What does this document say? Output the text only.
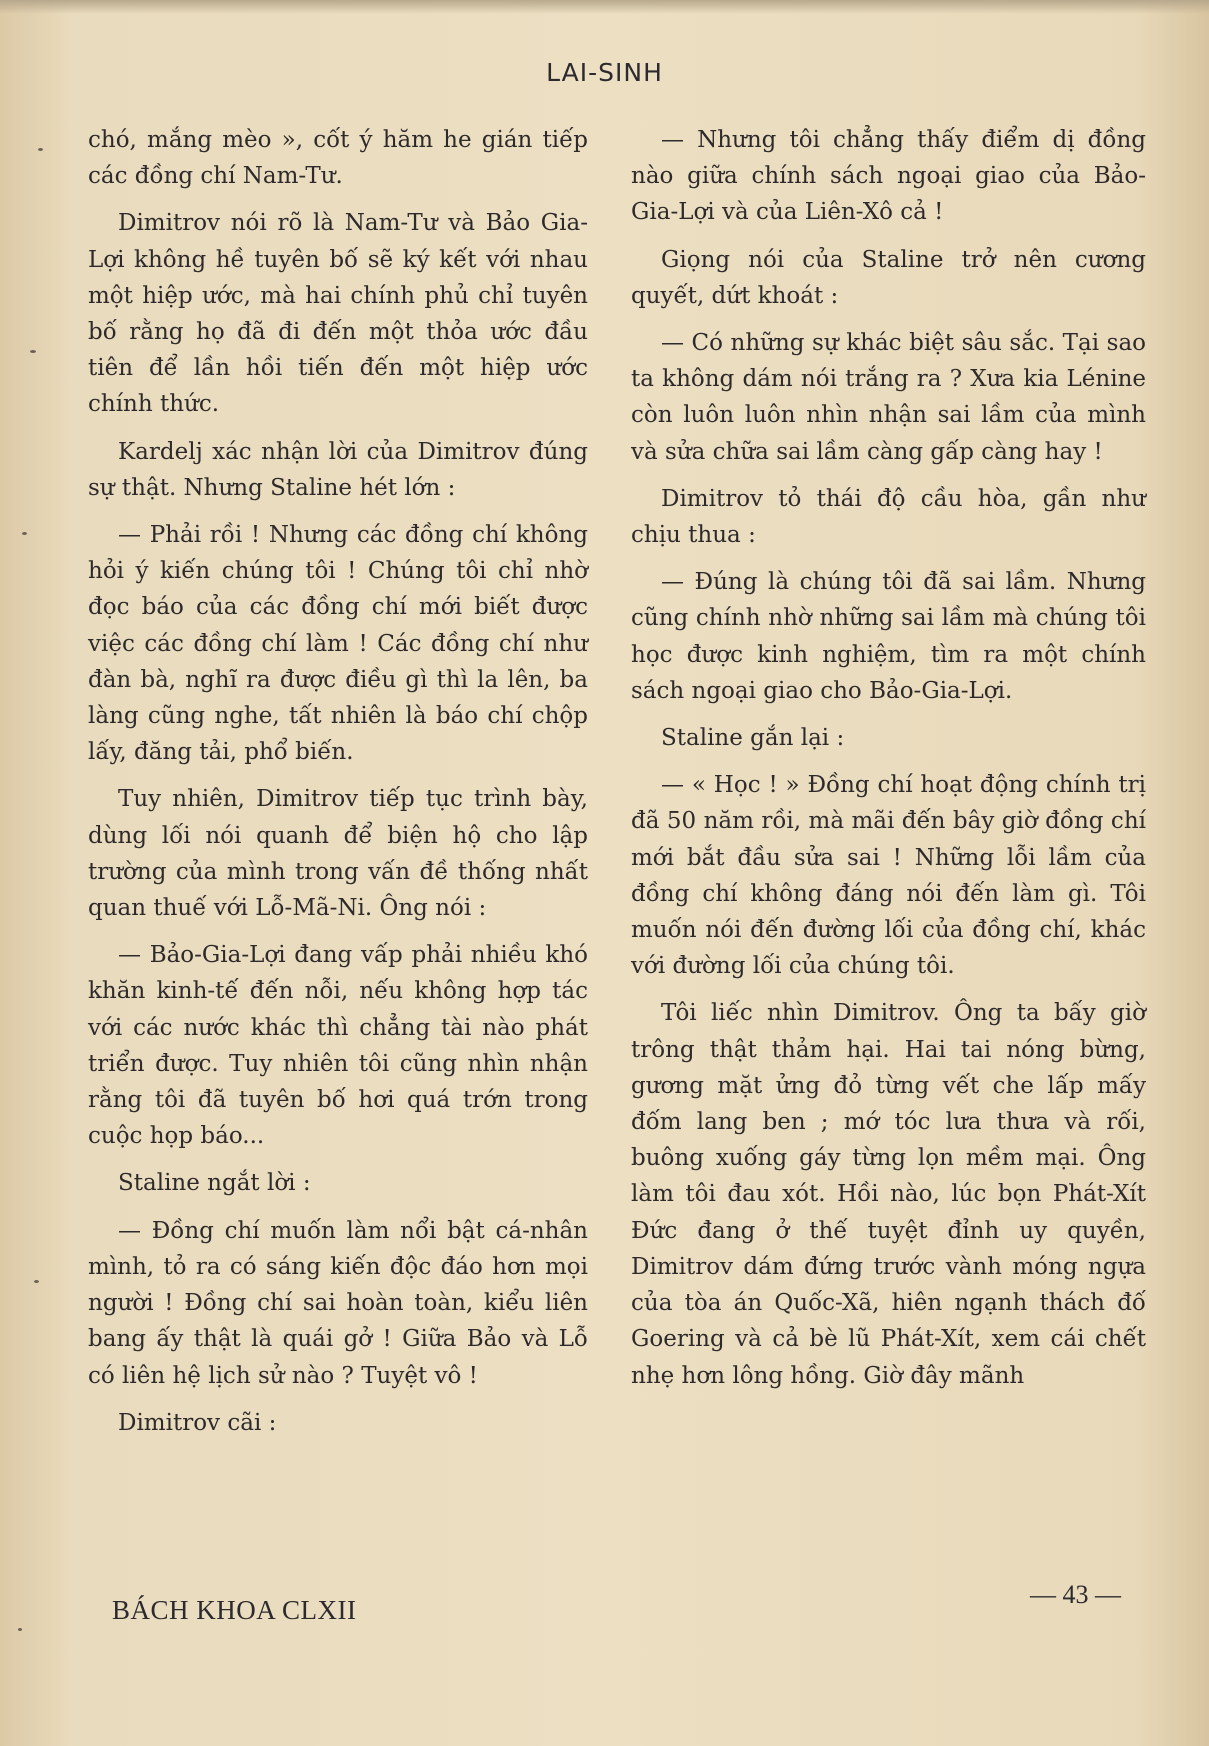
LAI-SINH

chó, mắng mèo », cốt ý hăm he gián tiếp các đồng chí Nam-Tư.

Dimitrov nói rõ là Nam-Tư và Bảo Gia-Lợi không hề tuyên bố sẽ ký kết với nhau một hiệp ước, mà hai chính phủ chỉ tuyên bố rằng họ đã đi đến một thỏa ước đầu tiên để lần hồi tiến đến một hiệp ước chính thức.

Kardelj xác nhận lời của Dimitrov đúng sự thật. Nhưng Staline hét lớn :

— Phải rồi ! Nhưng các đồng chí không hỏi ý kiến chúng tôi ! Chúng tôi chỉ nhờ đọc báo của các đồng chí mới biết được việc các đồng chí làm ! Các đồng chí như đàn bà, nghĩ ra được điều gì thì la lên, ba làng cũng nghe, tất nhiên là báo chí chộp lấy, đăng tải, phổ biến.

Tuy nhiên, Dimitrov tiếp tục trình bày, dùng lối nói quanh để biện hộ cho lập trường của mình trong vấn đề thống nhất quan thuế với Lỗ-Mã-Ni. Ông nói :

— Bảo-Gia-Lợi đang vấp phải nhiều khó khăn kinh-tế đến nỗi, nếu không hợp tác với các nước khác thì chẳng tài nào phát triển được. Tuy nhiên tôi cũng nhìn nhận rằng tôi đã tuyên bố hơi quá trớn trong cuộc họp báo...

Staline ngắt lời :

— Đồng chí muốn làm nổi bật cá-nhân mình, tỏ ra có sáng kiến độc đáo hơn mọi người ! Đồng chí sai hoàn toàn, kiểu liên bang ấy thật là quái gở ! Giữa Bảo và Lỗ có liên hệ lịch sử nào ? Tuyệt vô !

Dimitrov cãi :

— Nhưng tôi chẳng thấy điểm dị đồng nào giữa chính sách ngoại giao của Bảo-Gia-Lợi và của Liên-Xô cả !

Giọng nói của Staline trở nên cương quyết, dứt khoát :

— Có những sự khác biệt sâu sắc. Tại sao ta không dám nói trắng ra ? Xưa kia Lénine còn luôn luôn nhìn nhận sai lầm của mình và sửa chữa sai lầm càng gấp càng hay !

Dimitrov tỏ thái độ cầu hòa, gần như chịu thua :

— Đúng là chúng tôi đã sai lầm. Nhưng cũng chính nhờ những sai lầm mà chúng tôi học được kinh nghiệm, tìm ra một chính sách ngoại giao cho Bảo-Gia-Lợi.

Staline gắn lại :

— « Học ! » Đồng chí hoạt động chính trị đã 50 năm rồi, mà mãi đến bây giờ đồng chí mới bắt đầu sửa sai ! Những lỗi lầm của đồng chí không đáng nói đến làm gì. Tôi muốn nói đến đường lối của đồng chí, khác với đường lối của chúng tôi.

Tôi liếc nhìn Dimitrov. Ông ta bấy giờ trông thật thảm hại. Hai tai nóng bừng, gương mặt ửng đỏ từng vết che lấp mấy đốm lang ben ; mớ tóc lưa thưa và rối, buông xuống gáy từng lọn mềm mại. Ông làm tôi đau xót. Hồi nào, lúc bọn Phát-Xít Đức đang ở thế tuyệt đỉnh uy quyền, Dimitrov dám đứng trước vành móng ngựa của tòa án Quốc-Xã, hiên ngạnh thách đố Goering và cả bè lũ Phát-Xít, xem cái chết nhẹ hơn lông hồng. Giờ đây mãnh

BÁCH KHOA CLXII
— 43 —
